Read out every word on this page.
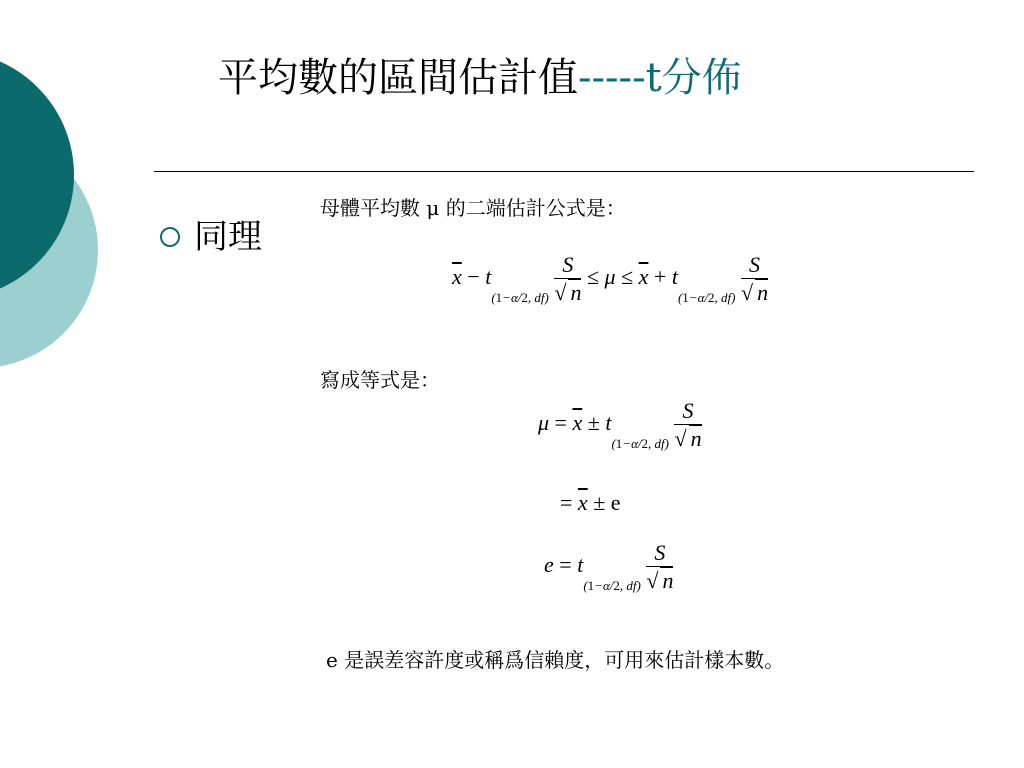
平均數的區間估計值-----t分佈
同理
母體平均數 μ 的二端估計公式是：
$\overline{x} - t_{(1-\alpha/2, df)} \frac{S}{√ n} \le \mu \le \overline{x} + t_{(1-\alpha/2, df)} \frac{S}{√ n}$
寫成等式是：
$\mu = \overline{x} \pm t_{(1-\alpha/2, df)} \frac{S}{√ n}$
= $\overline{x} \pm e$
$e = t_{(1-\alpha/2, df)} \frac{S}{√ n}$
e 是誤差容許度或稱爲信賴度，可用來估計樣本數。
